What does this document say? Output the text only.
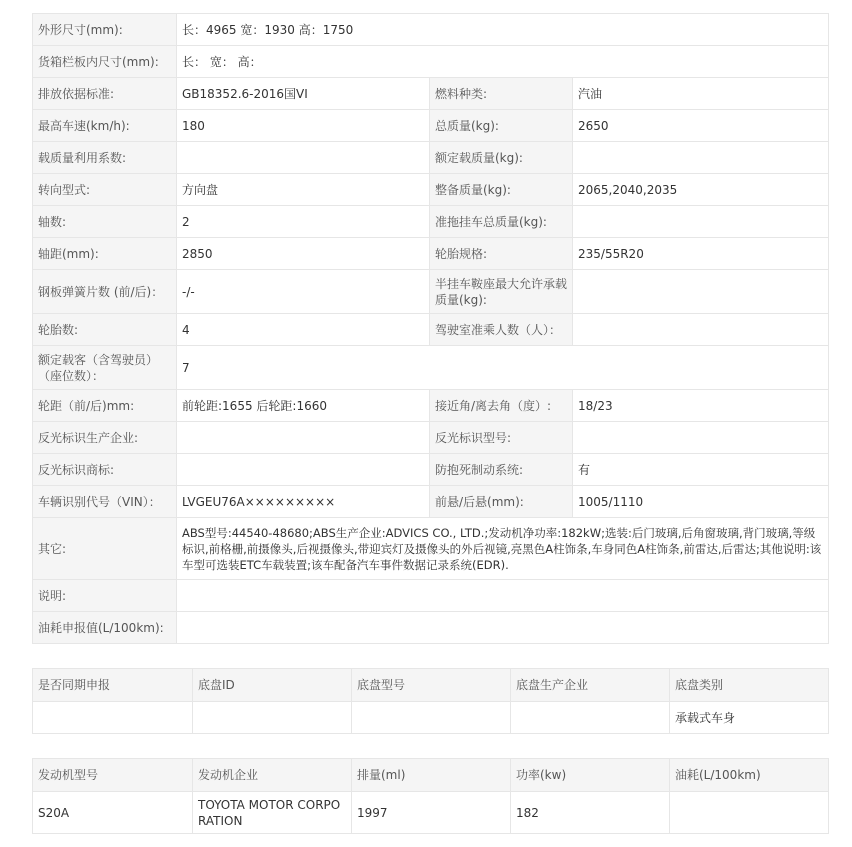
外形尺寸(mm):	长：4965 宽：1930 高：1750		
货箱栏板内尺寸(mm):	长： 宽： 高：		
排放依据标准:	GB18352.6-2016国VI	燃料种类:	汽油
最高车速(km/h):	180	总质量(kg):	2650
载质量利用系数:		额定载质量(kg):	
转向型式:	方向盘	整备质量(kg):	2065,2040,2035
轴数:	2	准拖挂车总质量(kg):	
轴距(mm):	2850	轮胎规格:	235/55R20
钢板弹簧片数 (前/后)：	-/-	半挂车鞍座最大允许承载质量(kg):	
轮胎数:	4	驾驶室准乘人数（人）：	
额定载客（含驾驶员）（座位数）：	7		
轮距（前/后)mm:	前轮距:1655 后轮距:1660	接近角/离去角（度）:	18/23
反光标识生产企业:		反光标识型号:	
反光标识商标:		防抱死制动系统:	有
车辆识别代号（VIN）：	LVGEU76A×××××××××	前悬/后悬(mm):	1005/1110
其它:	ABS型号:44540-48680;ABS生产企业:ADVICS CO., LTD.;发动机净功率:182kW;选装:后门玻璃,后角窗玻璃,背门玻璃,等级标识,前格栅,前摄像头,后视摄像头,带迎宾灯及摄像头的外后视镜,亮黑色A柱饰条,车身同色A柱饰条,前雷达,后雷达;其他说明:该车型可选装ETC车载装置;该车配备汽车事件数据记录系统(EDR).		
说明:			
油耗申报值(L/100km):			
是否同期申报	底盘ID	底盘型号	底盘生产企业	底盘类别
				承载式车身
发动机型号	发动机企业	排量(ml)	功率(kw)	油耗(L/100km)
S20A	TOYOTA MOTOR CORPORATION	1997	182	
